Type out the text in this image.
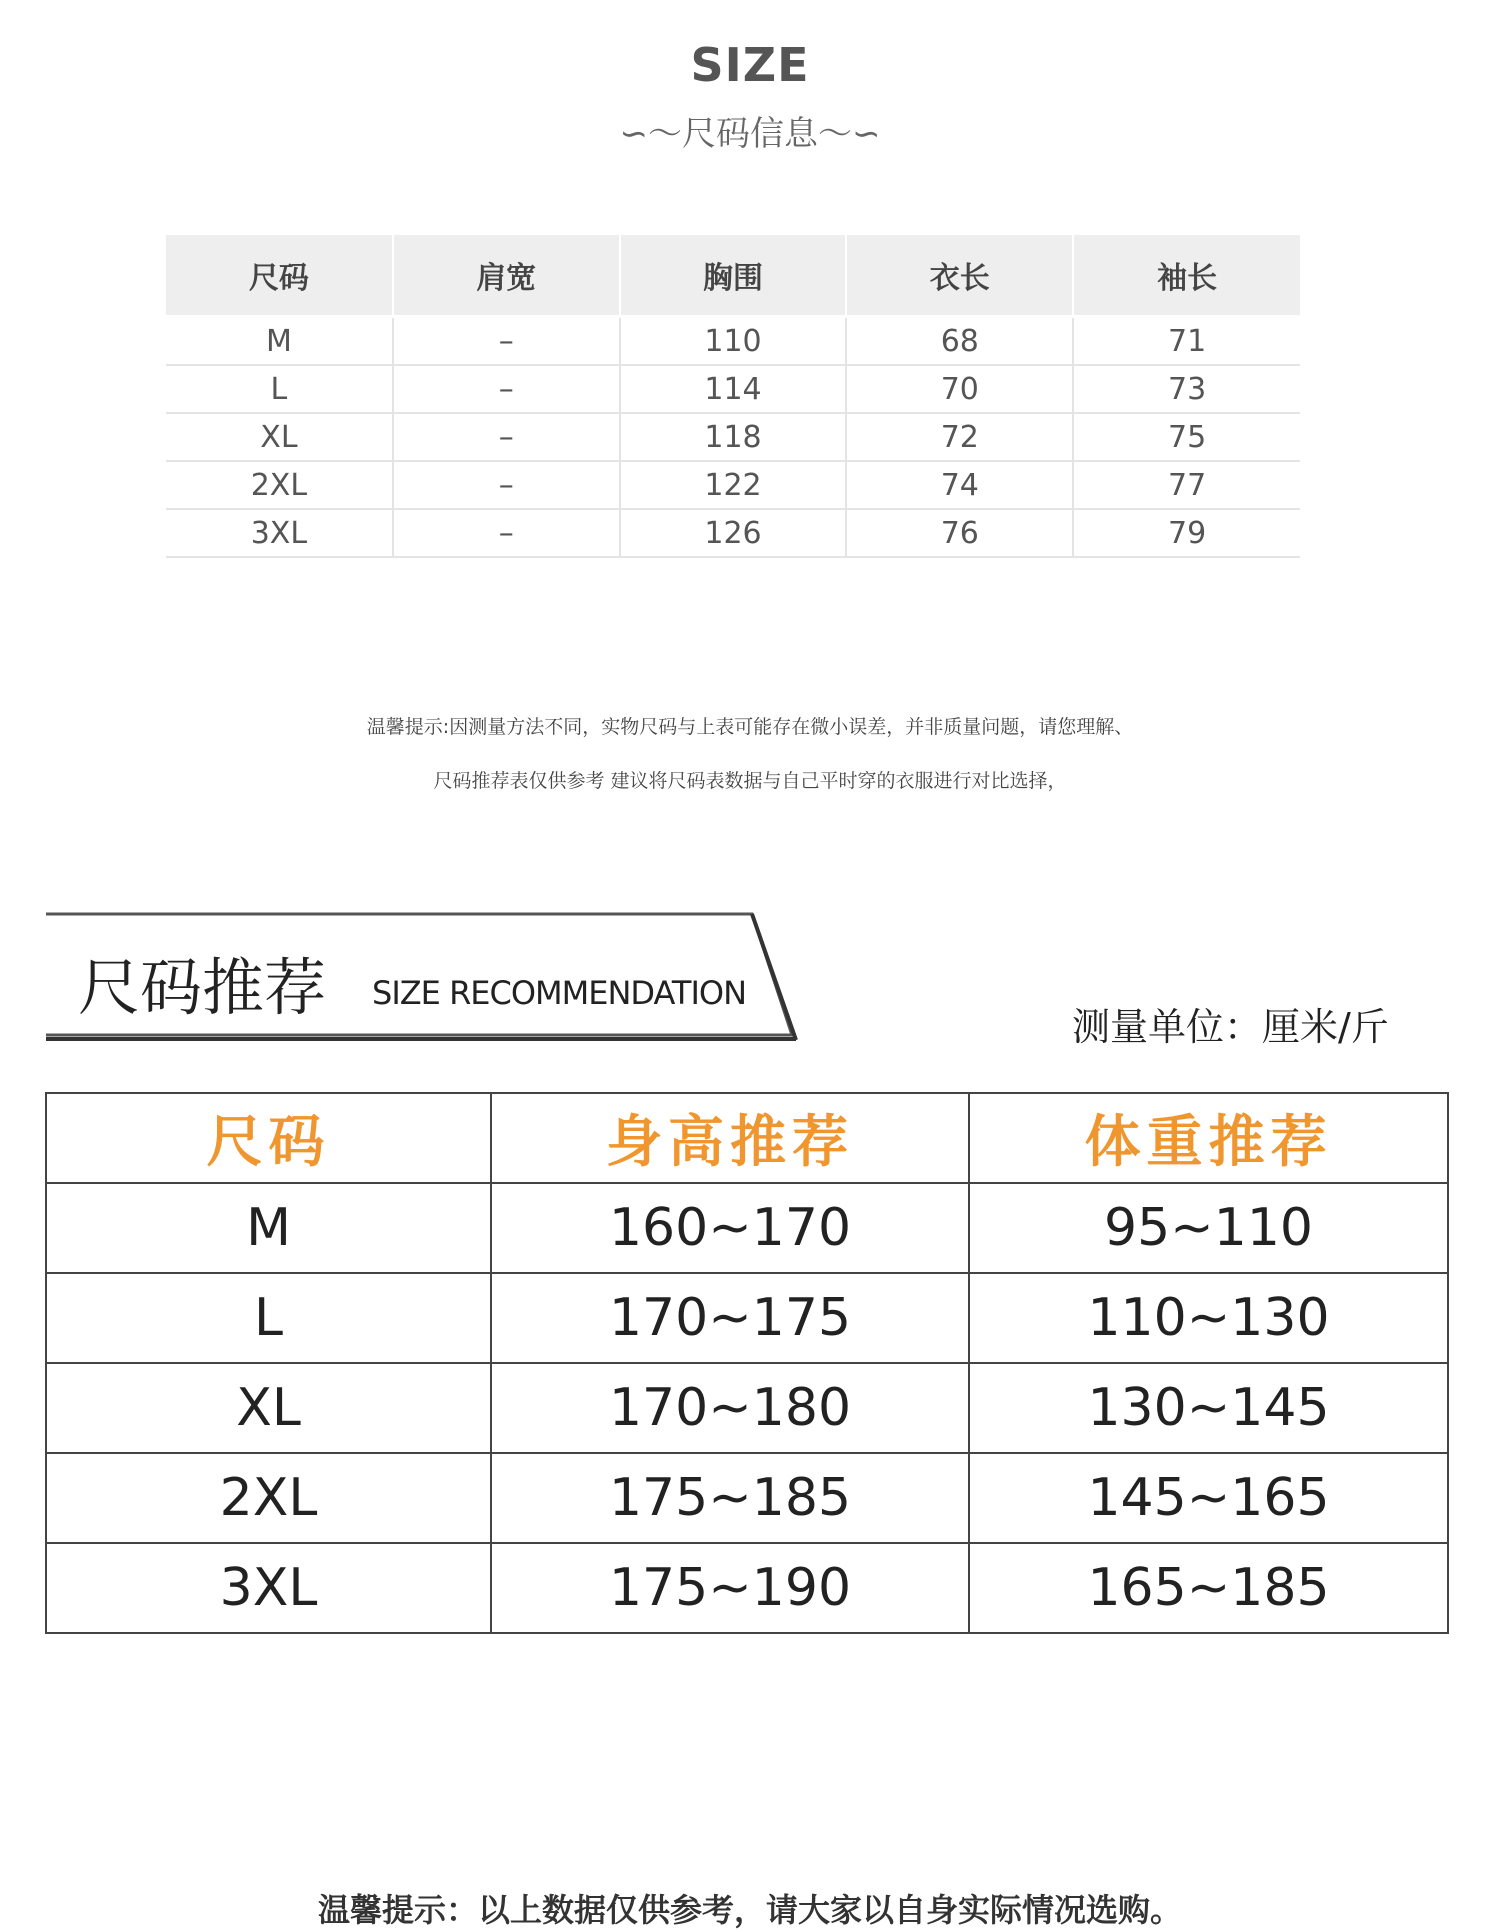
SIZE
∽～尺码信息～∽
尺码	肩宽	胸围	衣长	袖长
M	–	110	68	71
L	–	114	70	73
XL	–	118	72	75
2XL	–	122	74	77
3XL	–	126	76	79
温馨提示:因测量方法不同，实物尺码与上表可能存在微小误差，并非质量问题，请您理解、
尺码推荐表仅供参考 建议将尺码表数据与自己平时穿的衣服进行对比选择，
尺码推荐 SIZE RECOMMENDATION
测量单位：厘米/斤
尺码	身高推荐	体重推荐
M	160~170	95~110
L	170~175	110~130
XL	170~180	130~145
2XL	175~185	145~165
3XL	175~190	165~185
温馨提示：以上数据仅供参考，请大家以自身实际情况选购。
